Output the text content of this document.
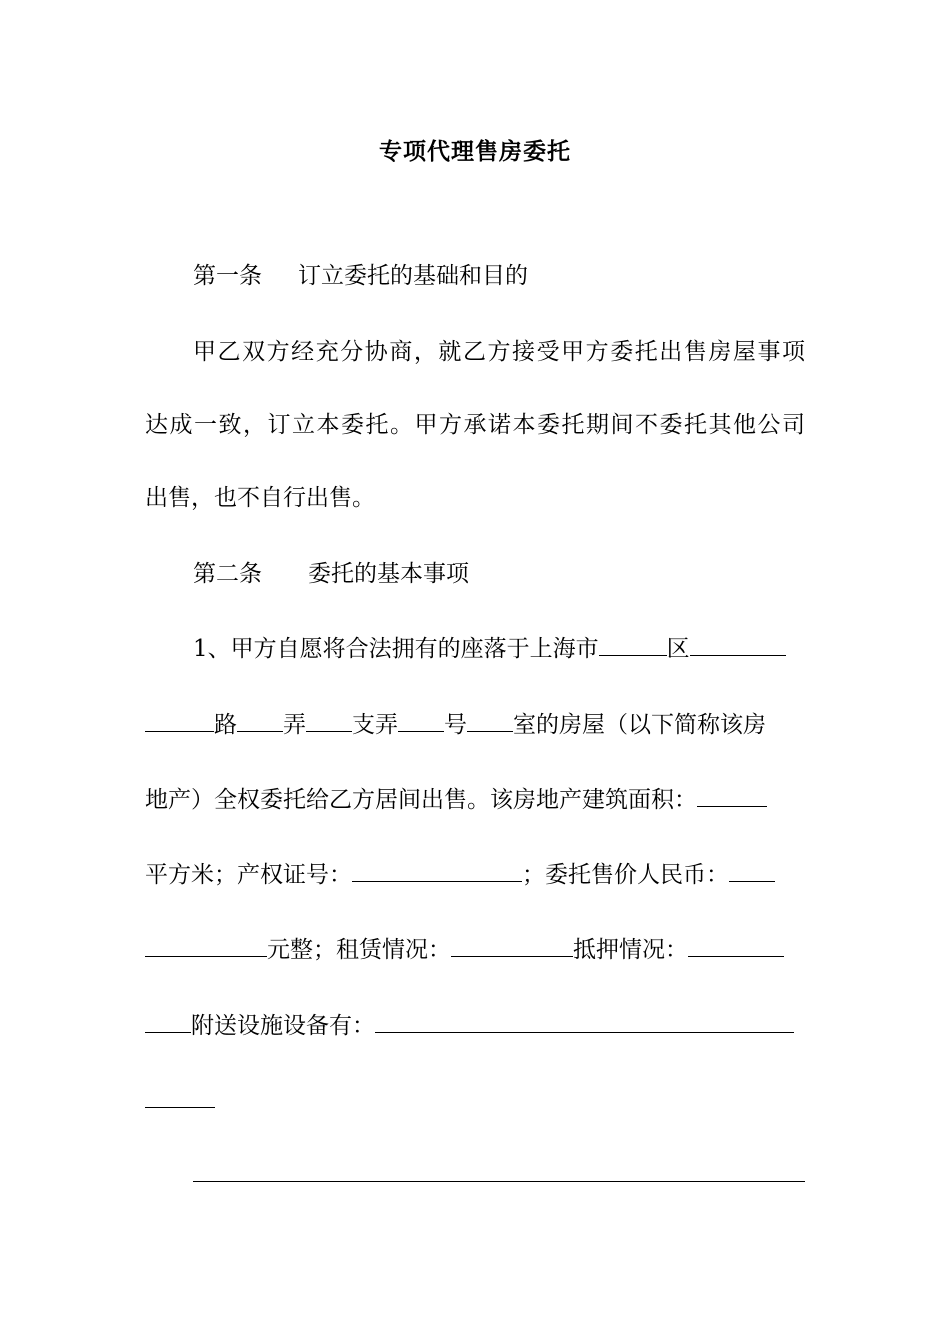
专项代理售房委托
第一条 订立委托的基础和目的
甲乙双方经充分协商，就乙方接受甲方委托出售房屋事项
达成一致，订立本委托。甲方承诺本委托期间不委托其他公司
出售，也不自行出售。
第二条 委托的基本事项
1、甲方自愿将合法拥有的座落于上海市	区
路 弄 支弄 号 室的房屋（以下简称该房
地产）全权委托给乙方居间出售。该房地产建筑面积：
平方米；产权证号：	；委托售价人民币：
元整；租赁情况：	抵押情况：
附送设施设备有：
